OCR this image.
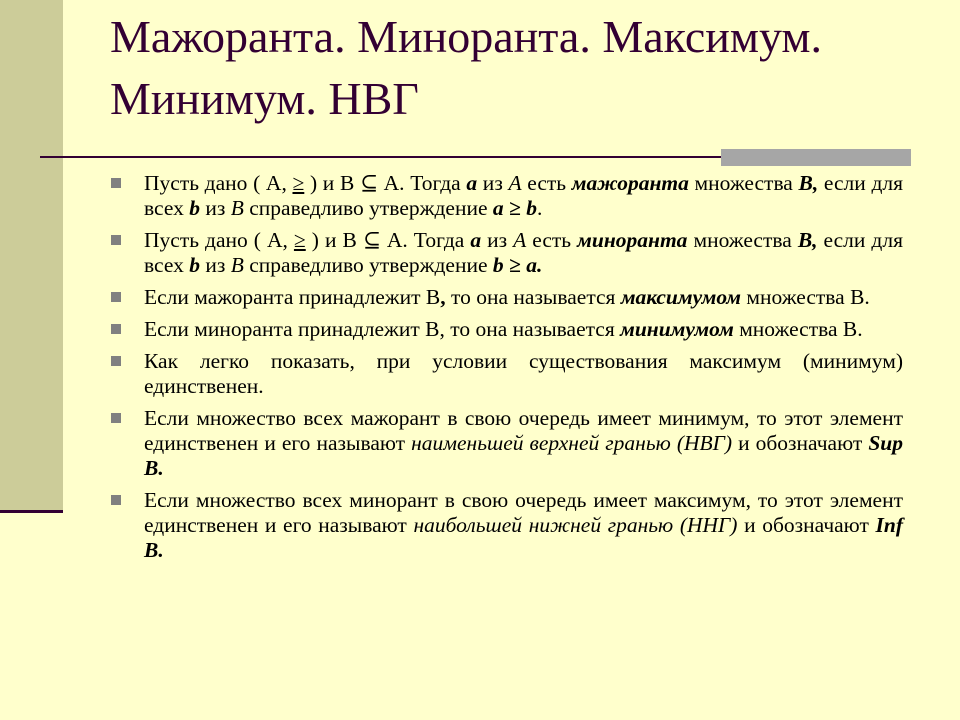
Мажоранта. Миноранта. Максимум.
Минимум. НВГ
Пусть дано ( А, ≥ ) и В ⊆ А. Тогда a из А есть мажоранта множества В, если для всех b из В справедливо утверждение a ≥ b.
Пусть дано ( А, ≥ ) и В ⊆ А. Тогда a из А есть миноранта множества В, если для всех b из В справедливо утверждение b ≥ a.
Если мажоранта принадлежит В, то она называется максимумом множества В.
Если миноранта принадлежит В, то она называется минимумом множества В.
Как легко показать, при условии существования максимум (минимум) единственен.
Если множество всех мажорант в свою очередь имеет минимум, то этот элемент единственен и его называют наименьшей верхней гранью (НВГ) и обозначают Sup B.
Если множество всех минорант в свою очередь имеет максимум, то этот элемент единственен и его называют наибольшей нижней гранью (ННГ) и обозначают Inf B.
